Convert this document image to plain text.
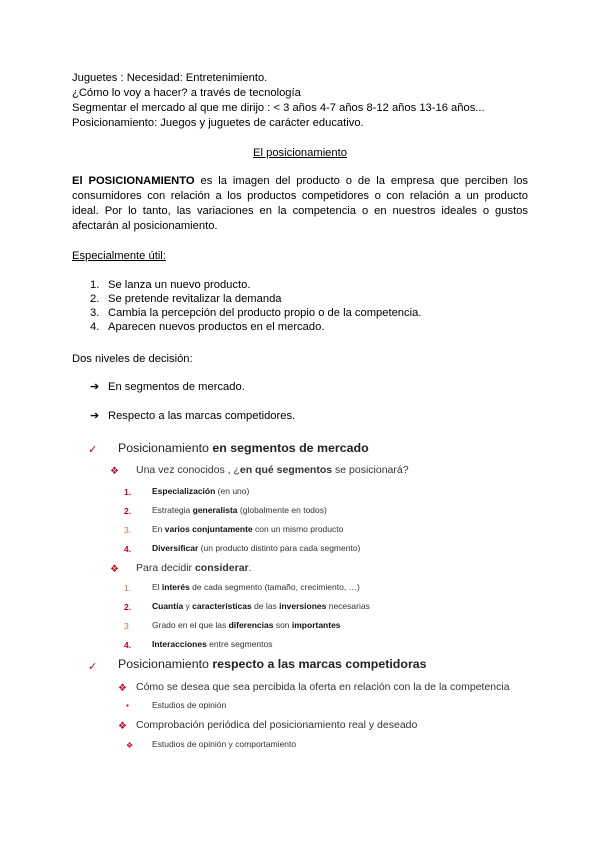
Juguetes : Necesidad: Entretenimiento.
¿Cómo lo voy a hacer? a través de tecnología
Segmentar el mercado al que me dirijo : < 3 años 4-7 años 8-12 años 13-16 años...
Posicionamiento: Juegos y juguetes de carácter educativo.
El posicionamiento
El POSICIONAMIENTO es la imagen del producto o de la empresa que perciben los consumidores con relación a los productos competidores o con relación a un producto ideal. Por lo tanto, las variaciones en la competencia o en nuestros ideales o gustos afectarán al posicionamiento.
Especialmente útil:
1. Se lanza un nuevo producto.
2. Se pretende revitalizar la demanda
3. Cambia la percepción del producto propio o de la competencia.
4. Aparecen nuevos productos en el mercado.
Dos niveles de decisión:
➔ En segmentos de mercado.
➔ Respecto a las marcas competidores.
✓ Posicionamiento en segmentos de mercado
❖ Una vez conocidos , ¿en qué segmentos se posicionará?
1. Especialización (en uno)
2. Estrategia generalista (globalmente en todos)
3. En varios conjuntamente con un mismo producto
4. Diversificar (un producto distinto para cada segmento)
❖ Para decidir considerar.
1. El interés de cada segmento (tamaño, crecimiento, …)
2. Cuantía y características de las inversiones necesarias
3	Grado en el que las diferencias son importantes
4. Interacciones entre segmentos
✓ Posicionamiento respecto a las marcas competidoras
❖ Cómo se desea que sea percibida la oferta en relación con la de la competencia
▪	Estudios de opinión
❖ Comprobación periódica del posicionamiento real y deseado
❖ Estudios de opinión y comportamiento
